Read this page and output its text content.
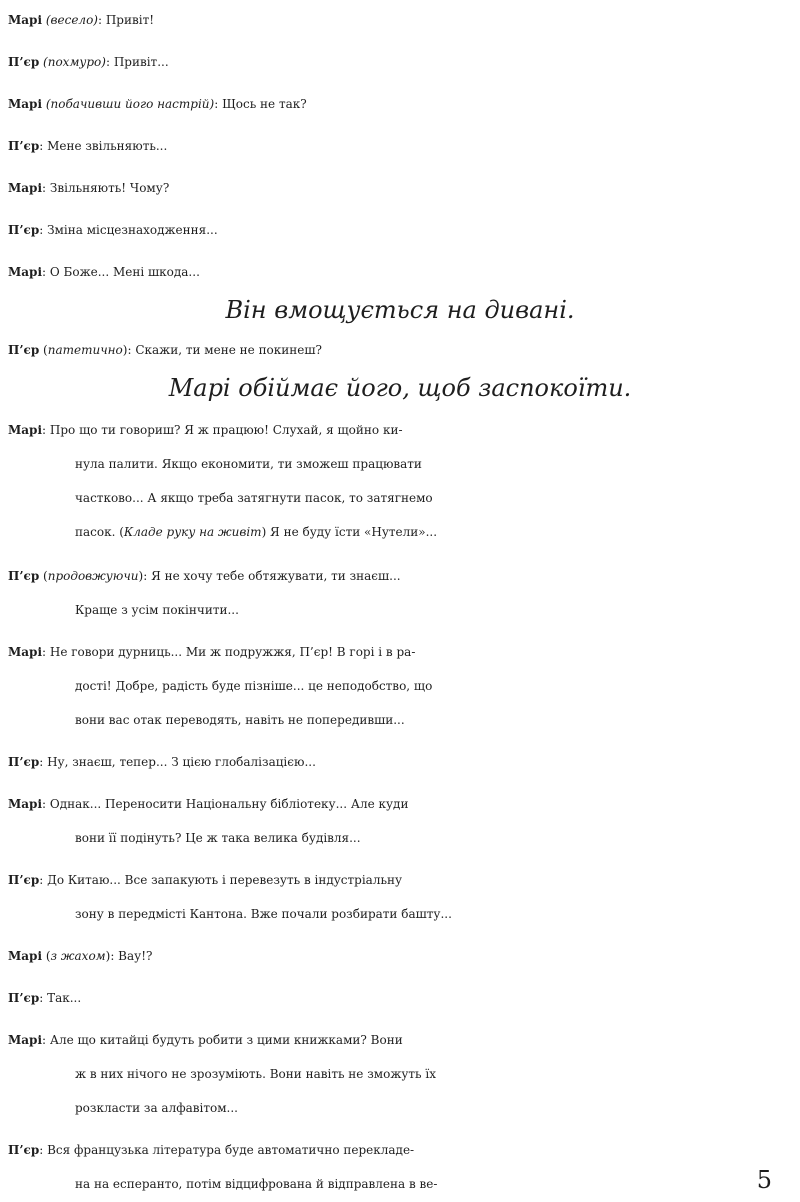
Марі (весело): Привіт!

П’єр (похмуро): Привіт...

Марі (побачивши його настрій): Щось не так?

П’єр: Мене звільняють...

Марі: Звільняють! Чому?

П’єр: Зміна місцезнаходження...

Марі: О Боже... Мені шкода...

Він вмощується на дивані.

П’єр (патетично): Скажи, ти мене не покинеш?

Марі обіймає його, щоб заспокоїти.

Марі: Про що ти говориш? Я ж працюю! Слухай, я щойно ки-

нула палити. Якщо економити, ти зможеш працювати

частково... А якщо треба затягнути пасок, то затягнемо

пасок. (Кладе руку на живіт) Я не буду їсти «Нутели»...

П’єр (продовжуючи): Я не хочу тебе обтяжувати, ти знаєш...

Краще з усім покінчити...

Марі: Не говори дурниць... Ми ж подружжя, П’єр! В горі і в ра-

дості! Добре, радість буде пізніше... це неподобство, що

вони вас отак переводять, навіть не попередивши...

П’єр: Ну, знаєш, тепер... З цією глобалізацією...

Марі: Однак... Переносити Національну бібліотеку... Але куди

вони її подінуть? Це ж така велика будівля...

П’єр: До Китаю... Все запакують і перевезуть в індустріальну

зону в передмісті Кантона. Вже почали розбирати башту...

Марі (з жахом): Вау!?

П’єр: Так...

Марі: Але що китайці будуть робити з цими книжками? Вони

ж в них нічого не зрозуміють. Вони навіть не зможуть їх

розкласти за алфавітом...

П’єр: Вся французька література буде автоматично перекладе-

на на есперанто, потім відцифрована й відправлена в ве-	5
